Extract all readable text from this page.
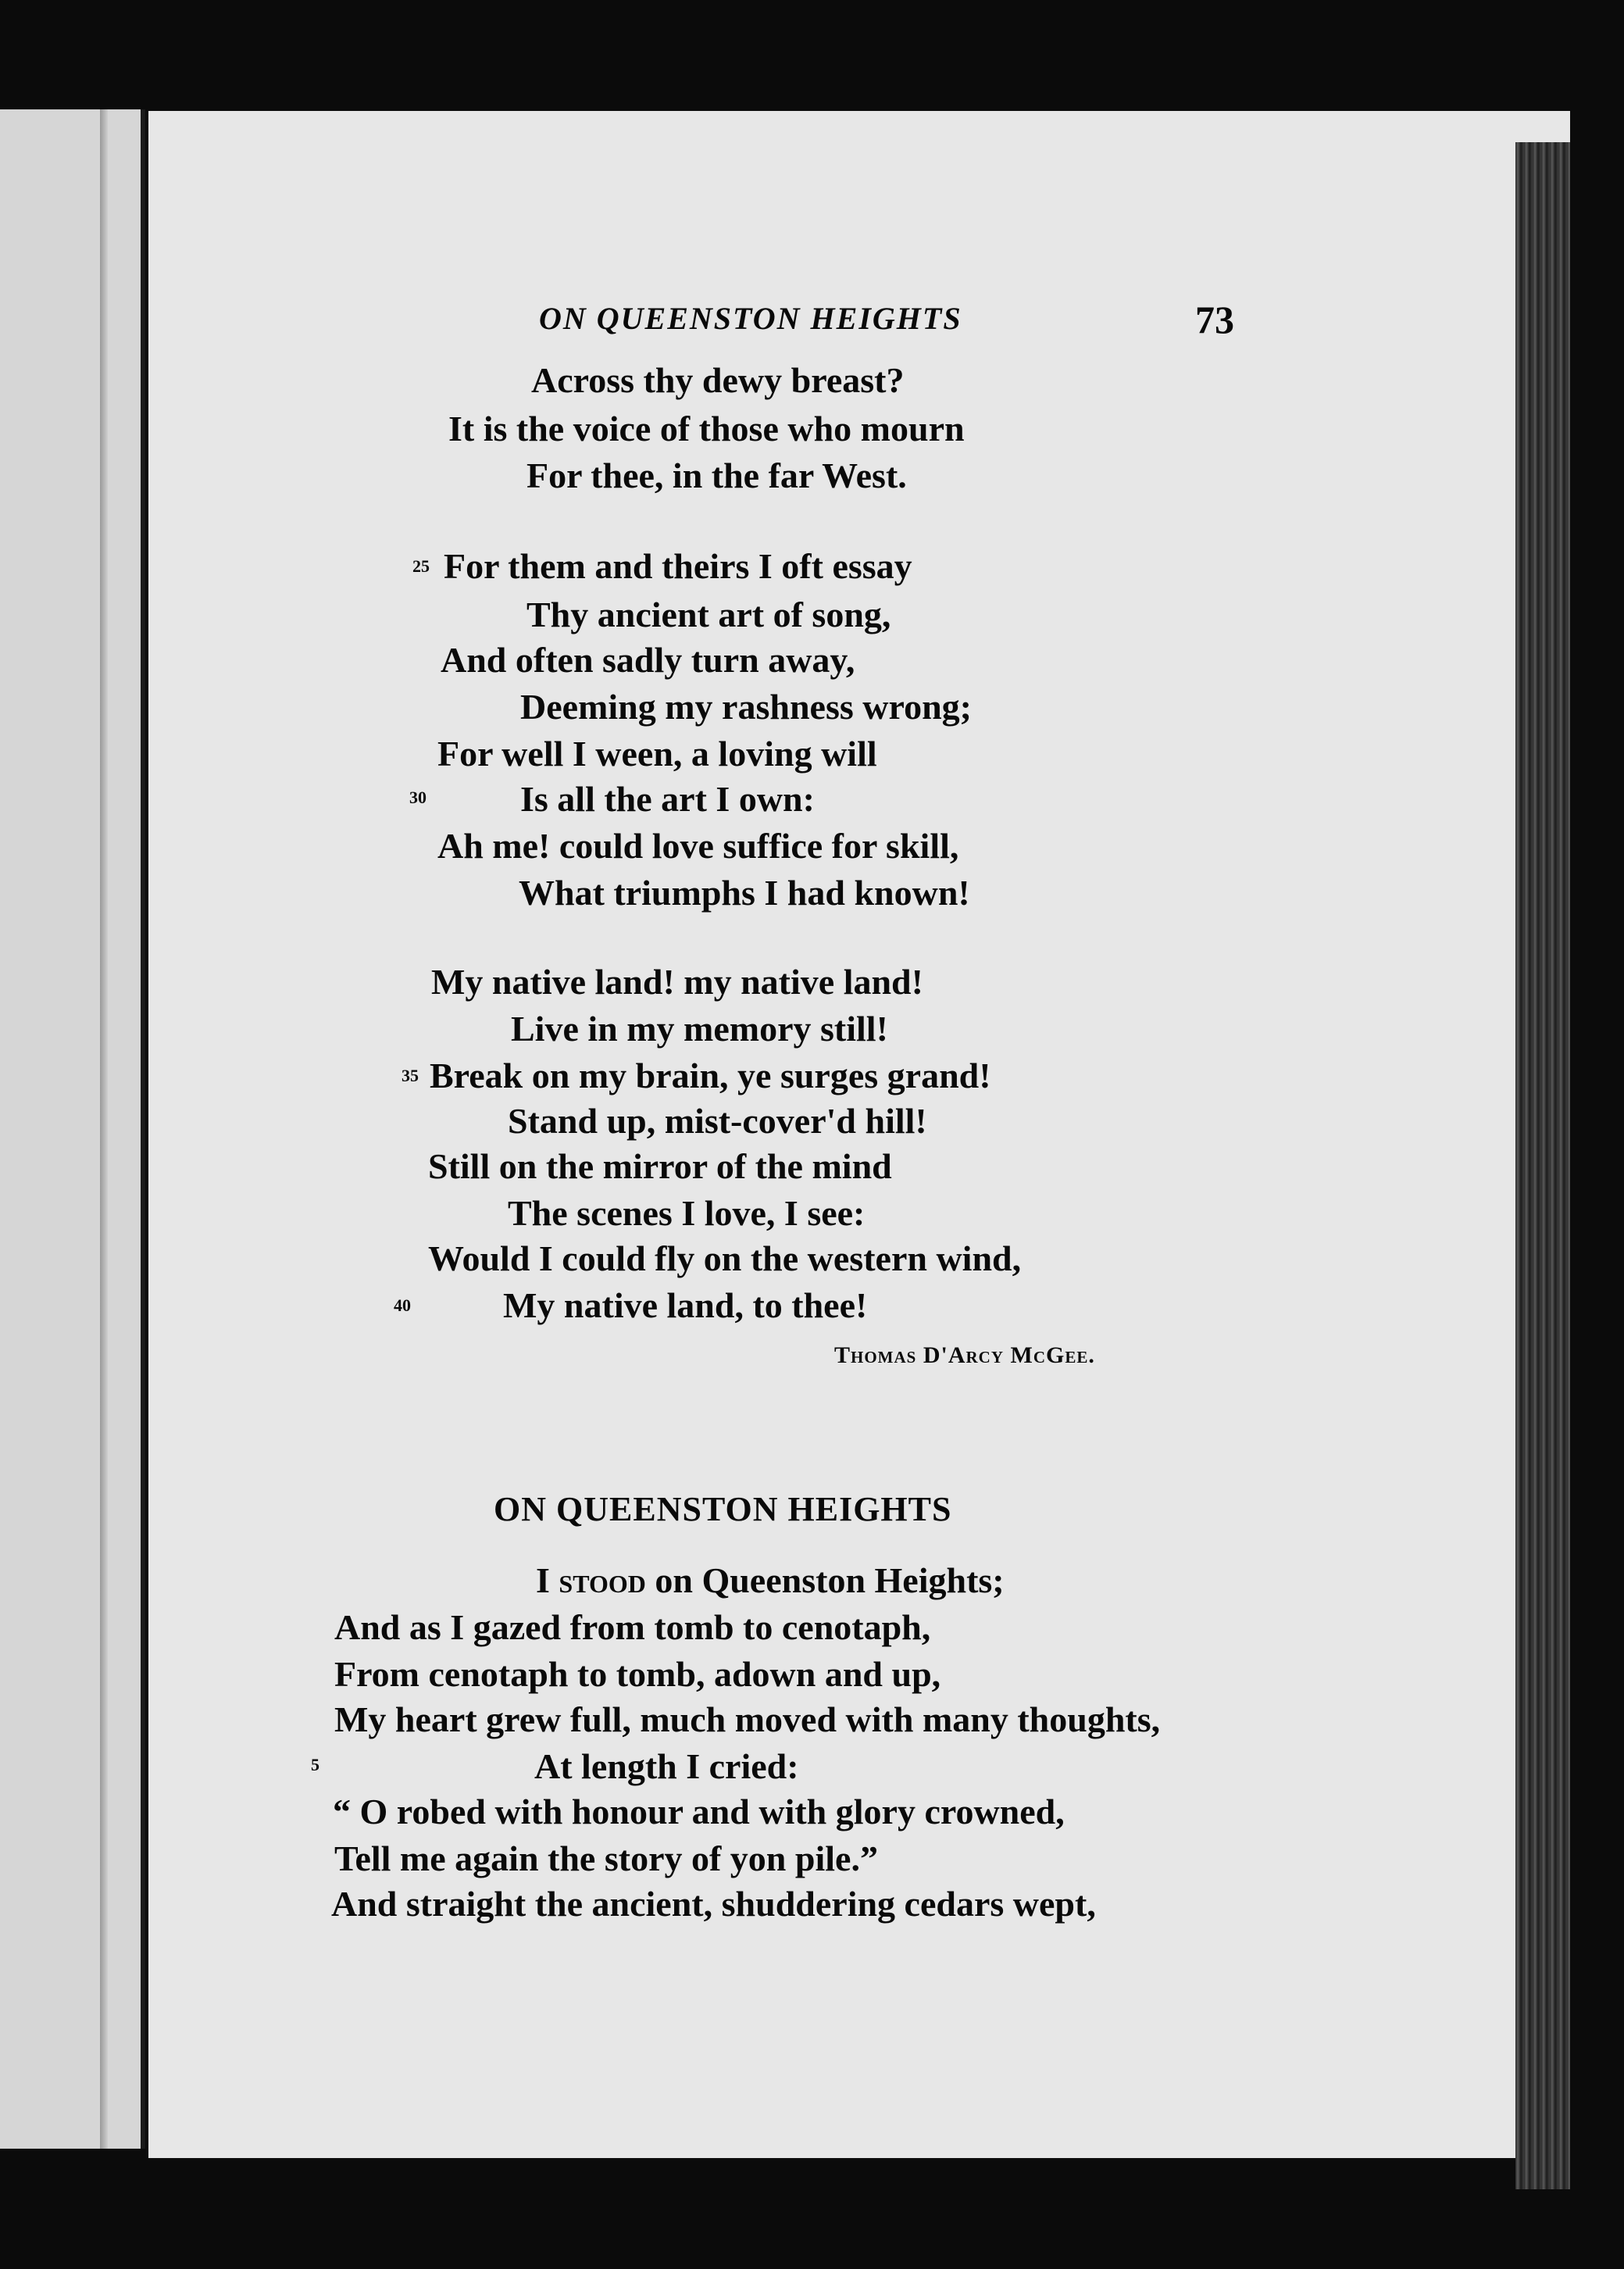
ON QUEENSTON HEIGHTS	73
Across thy dewy breast?
It is the voice of those who mourn
For thee, in the far West.
25 For them and theirs I oft essay
Thy ancient art of song,
And often sadly turn away,
Deeming my rashness wrong;
For well I ween, a loving will
30	Is all the art I own:
Ah me! could love suffice for skill,
What triumphs I had known!
My native land! my native land!
Live in my memory still!
35 Break on my brain, ye surges grand!
Stand up, mist-cover'd hill!
Still on the mirror of the mind
The scenes I love, I see:
Would I could fly on the western wind,
40	My native land, to thee!
Thomas D'Arcy McGee.
ON QUEENSTON HEIGHTS
I stood on Queenston Heights;
And as I gazed from tomb to cenotaph,
From cenotaph to tomb, adown and up,
My heart grew full, much moved with many thoughts,
5	At length I cried:
“ O robed with honour and with glory crowned,
Tell me again the story of yon pile.”
And straight the ancient, shuddering cedars wept,
